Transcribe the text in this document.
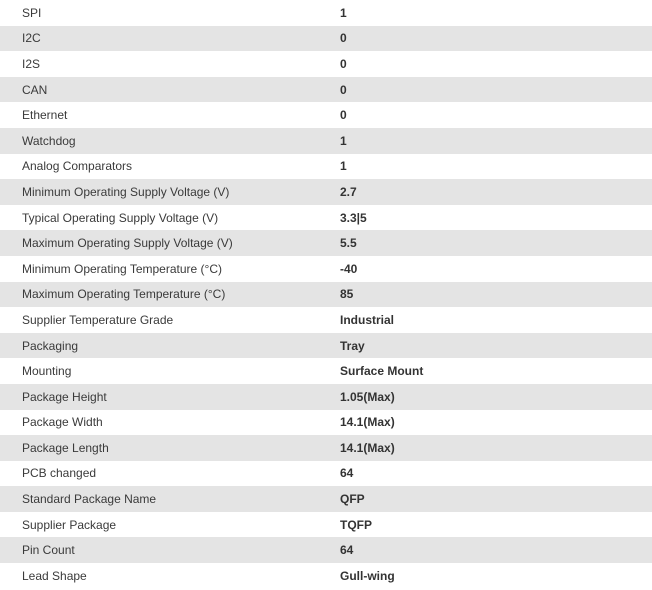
SPI	1
I2C	0
I2S	0
CAN	0
Ethernet	0
Watchdog	1
Analog Comparators	1
Minimum Operating Supply Voltage (V)	2.7
Typical Operating Supply Voltage (V)	3.3|5
Maximum Operating Supply Voltage (V)	5.5
Minimum Operating Temperature (°C)	-40
Maximum Operating Temperature (°C)	85
Supplier Temperature Grade	Industrial
Packaging	Tray
Mounting	Surface Mount
Package Height	1.05(Max)
Package Width	14.1(Max)
Package Length	14.1(Max)
PCB changed	64
Standard Package Name	QFP
Supplier Package	TQFP
Pin Count	64
Lead Shape	Gull-wing
